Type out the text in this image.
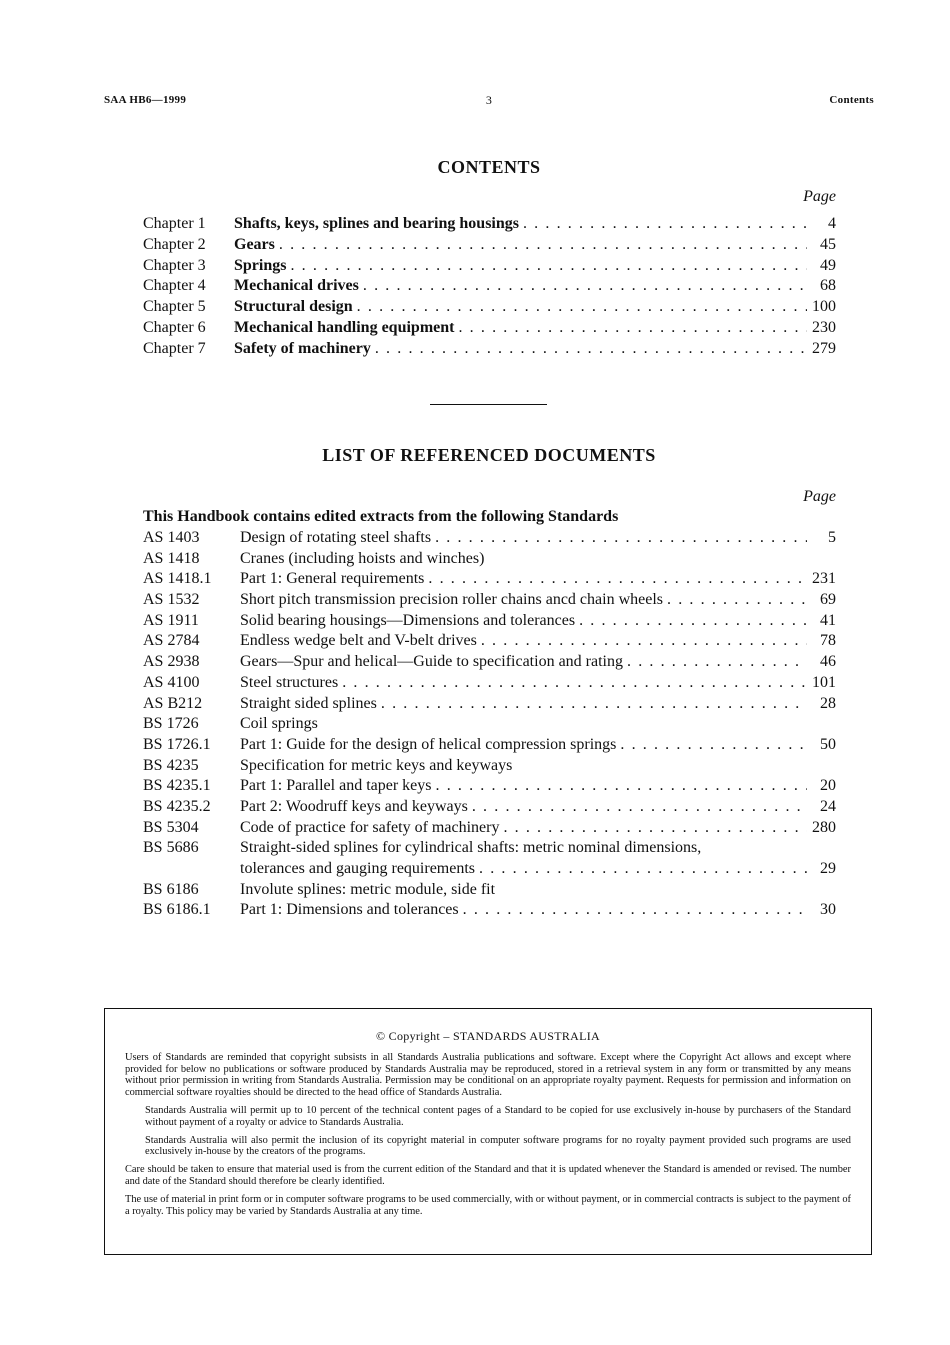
SAA HB6—1999	3	Contents
CONTENTS
Page
Chapter 1	Shafts, keys, splines and bearing housings . . .	4
Chapter 2	Gears . . .	45
Chapter 3	Springs . . .	49
Chapter 4	Mechanical drives . . .	68
Chapter 5	Structural design . . .	100
Chapter 6	Mechanical handling equipment . . .	230
Chapter 7	Safety of machinery . . .	279
LIST OF REFERENCED DOCUMENTS
Page
This Handbook contains edited extracts from the following Standards
AS 1403	Design of rotating steel shafts . . .	5
AS 1418	Cranes (including hoists and winches)
AS 1418.1	Part 1: General requirements . . .	231
AS 1532	Short pitch transmission precision roller chains ancd chain wheels . . .	69
AS 1911	Solid bearing housings—Dimensions and tolerances . . .	41
AS 2784	Endless wedge belt and V-belt drives . . .	78
AS 2938	Gears—Spur and helical—Guide to specification and rating . . .	46
AS 4100	Steel structures . . .	101
AS B212	Straight sided splines . . .	28
BS 1726	Coil springs
BS 1726.1	Part 1: Guide for the design of helical compression springs . . .	50
BS 4235	Specification for metric keys and keyways
BS 4235.1	Part 1: Parallel and taper keys . . .	20
BS 4235.2	Part 2: Woodruff keys and keyways . . .	24
BS 5304	Code of practice for safety of machinery . . .	280
BS 5686	Straight-sided splines for cylindrical shafts: metric nominal dimensions,
tolerances and gauging requirements . . .	29
BS 6186	Involute splines: metric module, side fit
BS 6186.1	Part 1: Dimensions and tolerances . . .	30
© Copyright – STANDARDS AUSTRALIA

Users of Standards are reminded that copyright subsists in all Standards Australia publications and software. Except where the Copyright Act allows and except where provided for below no publications or software produced by Standards Australia may be reproduced, stored in a retrieval system in any form or transmitted by any means without prior permission in writing from Standards Australia. Permission may be conditional on an appropriate royalty payment. Requests for permission and information on commercial software royalties should be directed to the head office of Standards Australia.

Standards Australia will permit up to 10 percent of the technical content pages of a Standard to be copied for use exclusively in-house by purchasers of the Standard without payment of a royalty or advice to Standards Australia.

Standards Australia will also permit the inclusion of its copyright material in computer software programs for no royalty payment provided such programs are used exclusively in-house by the creators of the programs.

Care should be taken to ensure that material used is from the current edition of the Standard and that it is updated whenever the Standard is amended or revised. The number and date of the Standard should therefore be clearly identified.

The use of material in print form or in computer software programs to be used commercially, with or without payment, or in commercial contracts is subject to the payment of a royalty. This policy may be varied by Standards Australia at any time.
